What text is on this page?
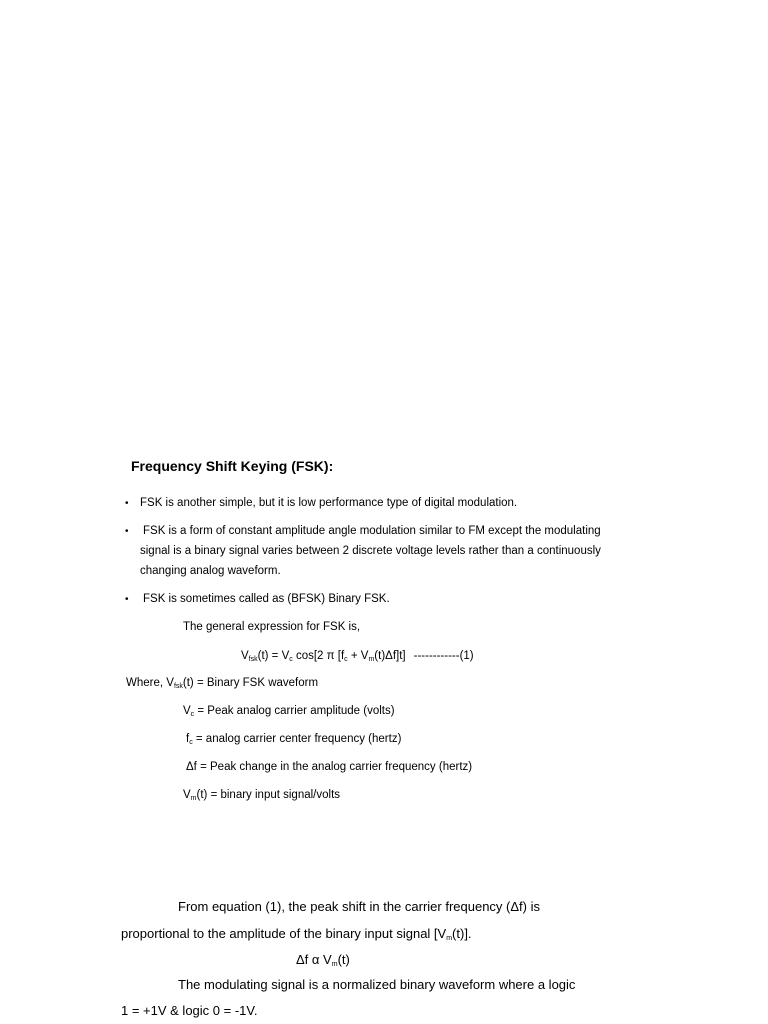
Frequency Shift Keying (FSK):
• FSK is another simple, but it is low performance type of digital modulation.
• FSK is a form of constant amplitude angle modulation similar to FM except the modulating
signal is a binary signal varies between 2 discrete voltage levels rather than a continuously
changing analog waveform.
• FSK is sometimes called as (BFSK) Binary FSK.
The general expression for FSK is,
$V_{fsk}(t) = V_c$ cos[2 π $[f_c + V_m(t)\Delta f]t$] ------------(1)
Where, $V_{fsk}(t)$ = Binary FSK waveform
$V_c$ = Peak analog carrier amplitude (volts)
$f_c = analog$ carrier center frequency (hertz)
Δf = Peak change in the analog carrier frequency (hertz)
$V_m(t)$ = binary input signal/volts
From equation (1), the peak shift in the carrier frequency (Δf) is
proportional to the amplitude of the binary input signal $[V_m(t)]$.
Δf α $V_m(t)$
The modulating signal is a normalized binary waveform where a logic
1 = +1V & logic 0 = -1V.
